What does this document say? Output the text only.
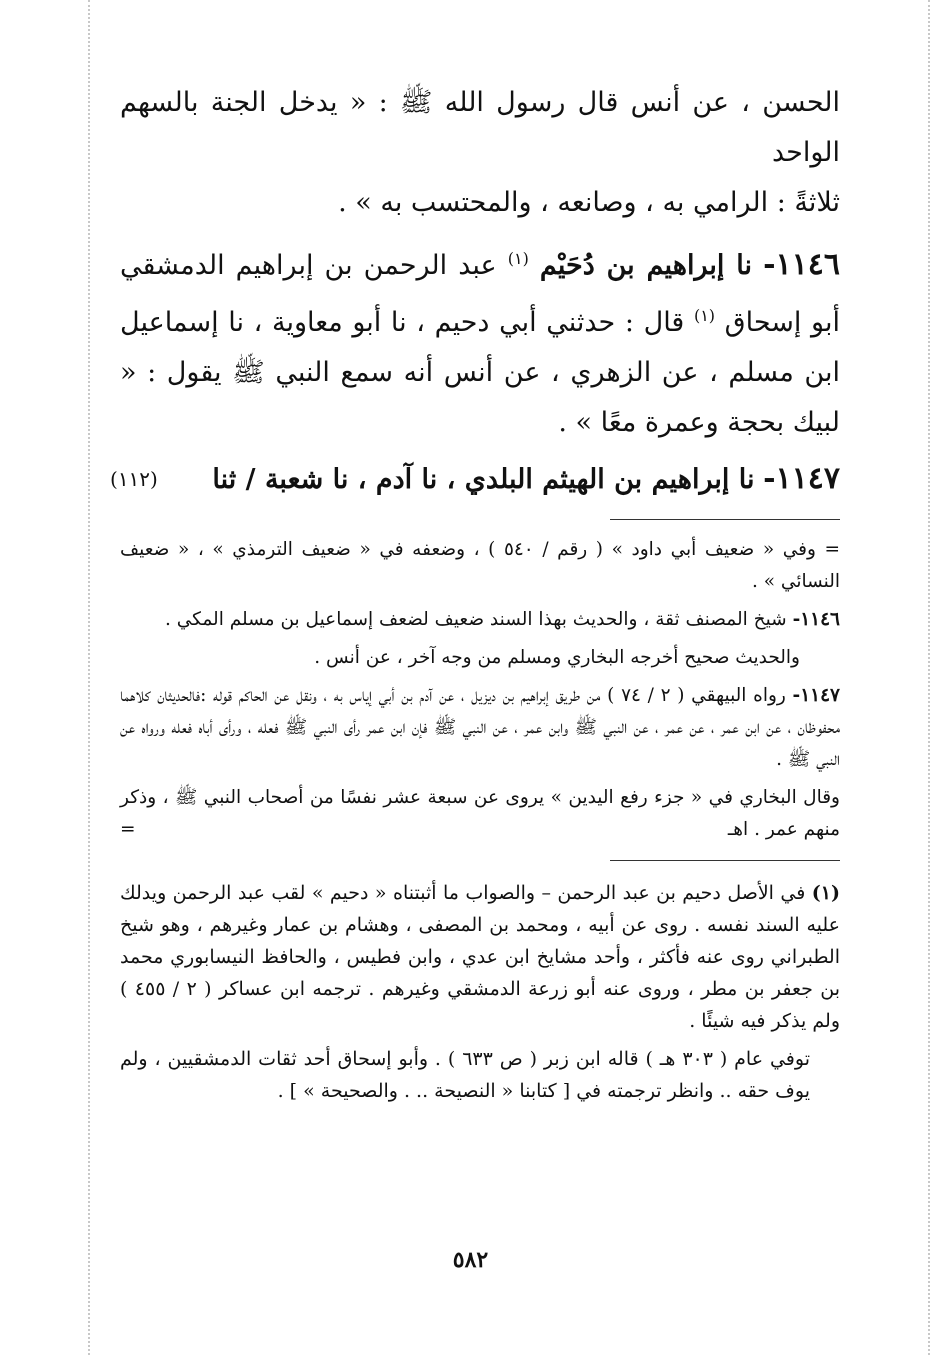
الحسن ، عن أنس قال رسول الله ﷺ : « يدخل الجنة بالسهم الواحد
ثلاثةً : الرامي به ، وصانعه ، والمحتسب به » .

١١٤٦- نا إبراهيم بن دُحَيْم $^{(١)}$ عبد الرحمن بن إبراهيم الدمشقي أبو إسحاق $^{(١)}$ قال : حدثني أبي دحيم ، نا أبو معاوية ، نا إسماعيل ابن مسلم ، عن الزهري ، عن أنس أنه سمع النبي ﷺ يقول : « لبيك بحجة وعمرة معًا » .

(١١٢)	١١٤٧- نا إبراهيم بن الهيثم البلدي ، نا آدم ، نا شعبة / ثنا

= وفي « ضعيف أبي داود » ( رقم / ٥٤٠ ) ، وضعفه في « ضعيف الترمذي » ، « ضعيف النسائي » .

١١٤٦- شيخ المصنف ثقة ، والحديث بهذا السند ضعيف لضعف إسماعيل بن مسلم المكي .

والحديث صحيح أخرجه البخاري ومسلم من وجه آخر ، عن أنس .

١١٤٧- رواه البيهقي ( ٢ / ٧٤ ) من طريق إبراهيم بن ديزيل ، عن آدم بن أبي إياس به ، ونقل عن الحاكم قوله :فالحديثان كلاهما محفوظان ، عن ابن عمر ، عن عمر ، عن النبي ﷺ وابن عمر ، عن النبي ﷺ فإن ابن عمر رأى النبي ﷺ فعله ، ورأى أباه فعله ورواه عن النبي ﷺ .

وقال البخاري في « جزء رفع اليدين » يروى عن سبعة عشر نفسًا من أصحاب النبي ﷺ ، وذكر منهم عمر . اهـ
=

(١) في الأصل دحيم بن عبد الرحمن – والصواب ما أثبتناه « دحيم » لقب عبد الرحمن ويدلك عليه السند نفسه . روى عن أبيه ، ومحمد بن المصفى ، وهشام بن عمار وغيرهم ، وهو شيخ الطبراني روى عنه فأكثر ، وأحد مشايخ ابن عدي ، وابن فطيس ، والحافظ النيسابوري محمد بن جعفر بن مطر ، وروى عنه أبو زرعة الدمشقي وغيرهم . ترجمه ابن عساكر ( ٢ / ٤٥٥ ) ولم يذكر فيه شيئًا .

توفي عام ( ٣٠٣ هـ ) قاله ابن زبر ( ص ٦٣٣ ) . وأبو إسحاق أحد ثقات الدمشقيين ، ولم يوف حقه .. وانظر ترجمته في [ كتابنا « النصيحة .. . والصحيحة » ] .

٥٨٢
